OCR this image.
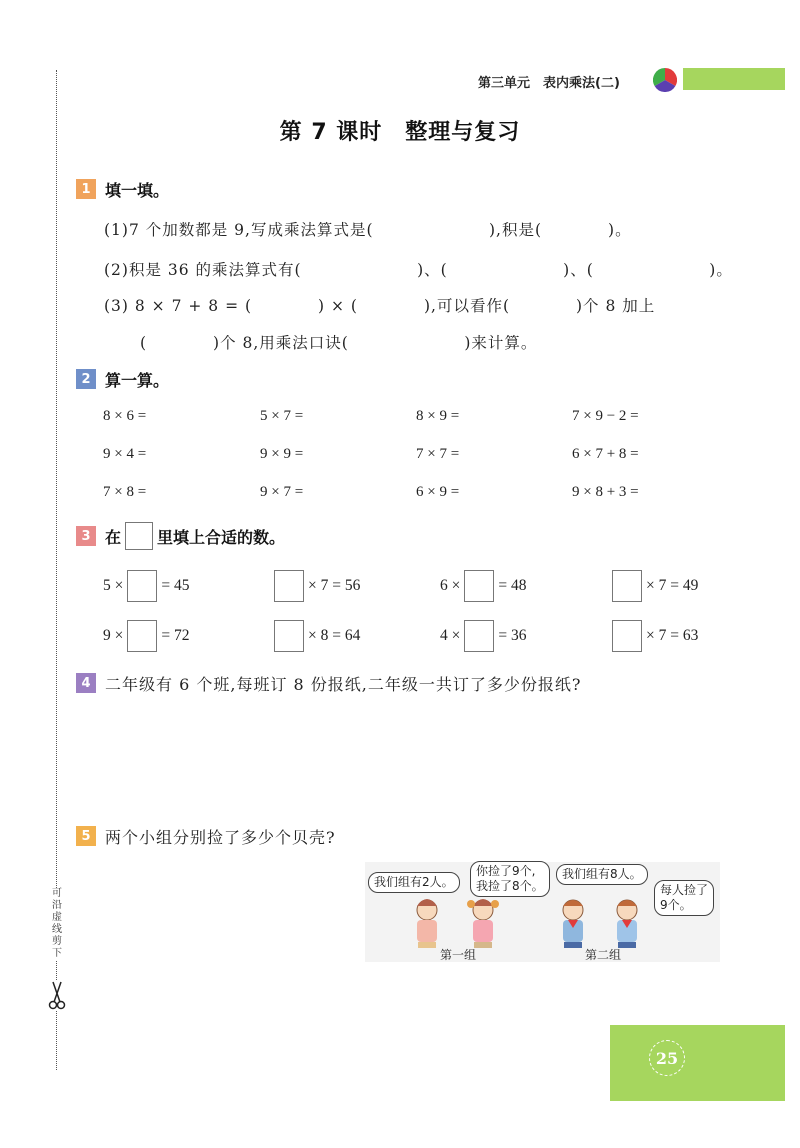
可沿虚线剪下
第三单元　表内乘法(二)
第 7 课时　整理与复习
1 填一填。
(1)7 个加数都是 9,写成乘法算式是(　　　　　　　),积是(　　　　)。
(2)积是 36 的乘法算式有(　　　　　　　)、(　　　　　　　)、(　　　　　　　)。
(3) 8 × 7 + 8 = (　　　　) × (　　　　),可以看作(　　　　)个 8 加上
(　　　　)个 8,用乘法口诀(　　　　　　　)来计算。
2 算一算。
8 × 6 =	5 × 7 =	8 × 9 =	7 × 9 − 2 =
9 × 4 =	9 × 9 =	7 × 7 =	6 × 7 + 8 =
7 × 8 =	9 × 7 =	6 × 9 =	9 × 8 + 3 =
3 在 里填上合适的数。
5 × = 45	× 7 = 56	6 × = 48	× 7 = 49
9 × = 72	× 8 = 64	4 × = 36	× 7 = 63
4 二年级有 6 个班,每班订 8 份报纸,二年级一共订了多少份报纸?
5 两个小组分别捡了多少个贝壳?
我们组有2人。
你捡了9个,
我捡了8个。
我们组有8人。
每人捡了
9个。
第一组	第二组
25
